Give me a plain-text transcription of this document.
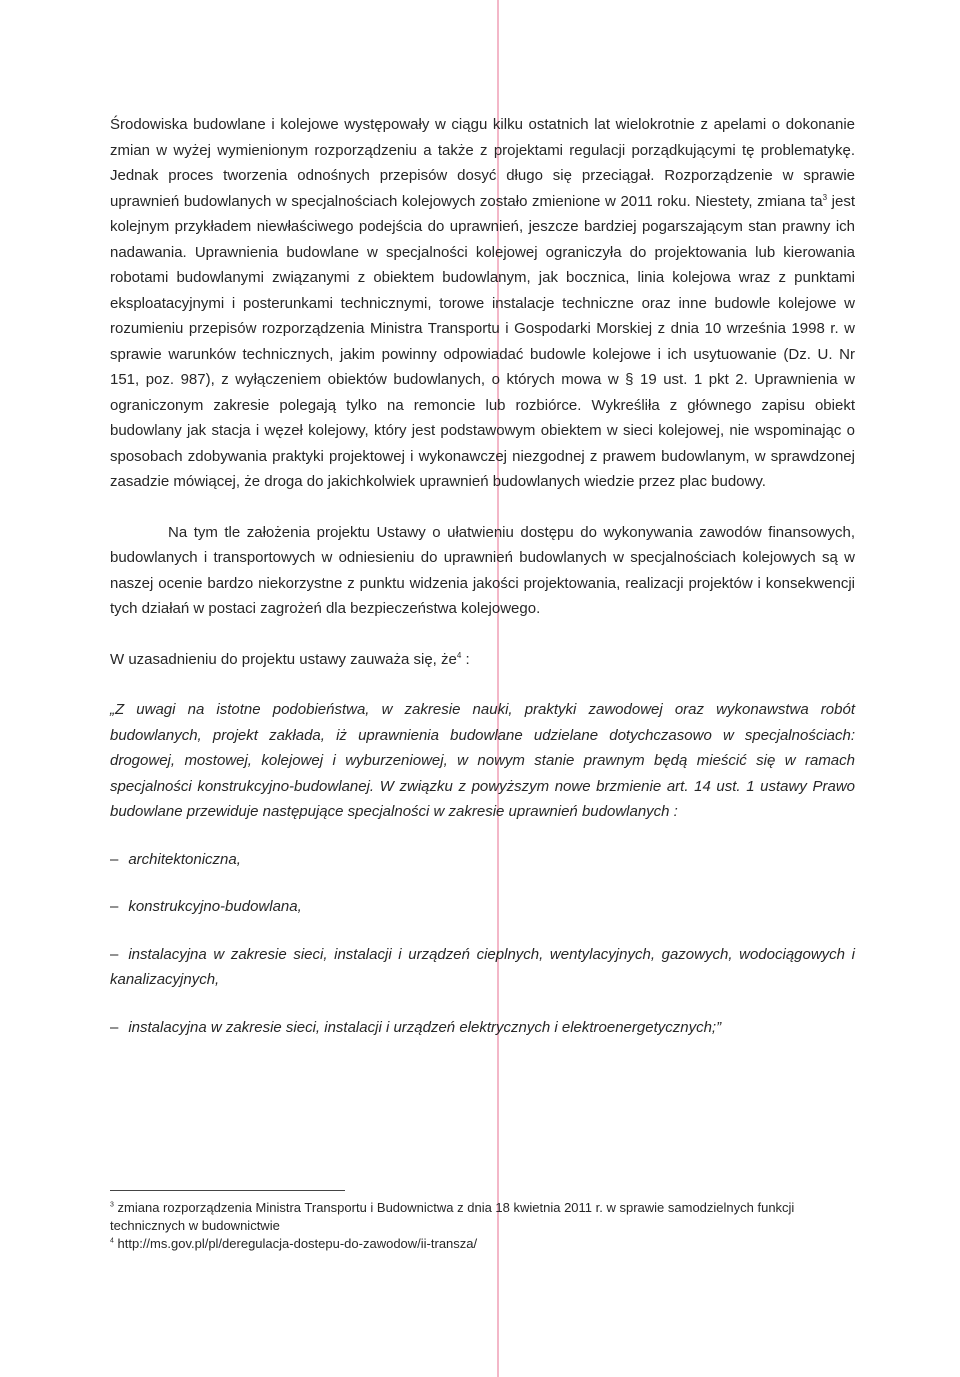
Środowiska budowlane i kolejowe występowały w ciągu kilku ostatnich lat wielokrotnie z apelami o dokonanie zmian w wyżej wymienionym rozporządzeniu a także z projektami regulacji porządkującymi tę problematykę. Jednak proces tworzenia odnośnych przepisów dosyć długo się przeciągał. Rozporządzenie w sprawie uprawnień budowlanych w specjalnościach kolejowych zostało zmienione w 2011 roku. Niestety, zmiana $ta^3$ jest kolejnym przykładem niewłaściwego podejścia do uprawnień, jeszcze bardziej pogarszającym stan prawny ich nadawania. Uprawnienia budowlane w specjalności kolejowej ograniczyła do projektowania lub kierowania robotami budowlanymi związanymi z obiektem budowlanym, jak bocznica, linia kolejowa wraz z punktami eksploatacyjnymi i posterunkami technicznymi, torowe instalacje techniczne oraz inne budowle kolejowe w rozumieniu przepisów rozporządzenia Ministra Transportu i Gospodarki Morskiej z dnia 10 września 1998 r. w sprawie warunków technicznych, jakim powinny odpowiadać budowle kolejowe i ich usytuowanie (Dz. U. Nr 151, poz. 987), z wyłączeniem obiektów budowlanych, o których mowa w § 19 ust. 1 pkt 2. Uprawnienia w ograniczonym zakresie polegają tylko na remoncie lub rozbiórce. Wykreśliła z głównego zapisu obiekt budowlany jak stacja i węzeł kolejowy, który jest podstawowym obiektem w sieci kolejowej, nie wspominając o sposobach zdobywania praktyki projektowej i wykonawczej niezgodnej z prawem budowlanym, w sprawdzonej zasadzie mówiącej, że droga do jakichkolwiek uprawnień budowlanych wiedzie przez plac budowy.

Na tym tle założenia projektu Ustawy o ułatwieniu dostępu do wykonywania zawodów finansowych, budowlanych i transportowych w odniesieniu do uprawnień budowlanych w specjalnościach kolejowych są w naszej ocenie bardzo niekorzystne z punktu widzenia jakości projektowania, realizacji projektów i konsekwencji tych działań w postaci zagrożeń dla bezpieczeństwa kolejowego.

W uzasadnieniu do projektu ustawy zauważa się, $że^4$ :

„Z uwagi na istotne podobieństwa, w zakresie nauki, praktyki zawodowej oraz wykonawstwa robót budowlanych, projekt zakłada, iż uprawnienia budowlane udzielane dotychczasowo w specjalnościach: drogowej, mostowej, kolejowej i wyburzeniowej, w nowym stanie prawnym będą mieścić się w ramach specjalności konstrukcyjno-budowlanej. W związku z powyższym nowe brzmienie art. 14 ust. 1 ustawy Prawo budowlane przewiduje następujące specjalności w zakresie uprawnień budowlanych :

– architektoniczna,
– konstrukcyjno-budowlana,
– instalacyjna w zakresie sieci, instalacji i urządzeń cieplnych, wentylacyjnych, gazowych, wodociągowych i kanalizacyjnych,
– instalacyjna w zakresie sieci, instalacji i urządzeń elektrycznych i elektroenergetycznych;”
$^3$ zmiana rozporządzenia Ministra Transportu i Budownictwa z dnia 18 kwietnia 2011 r. w sprawie samodzielnych funkcji technicznych w budownictwie
$^4$ http://ms.gov.pl/pl/deregulacja-dostepu-do-zawodow/ii-transza/
